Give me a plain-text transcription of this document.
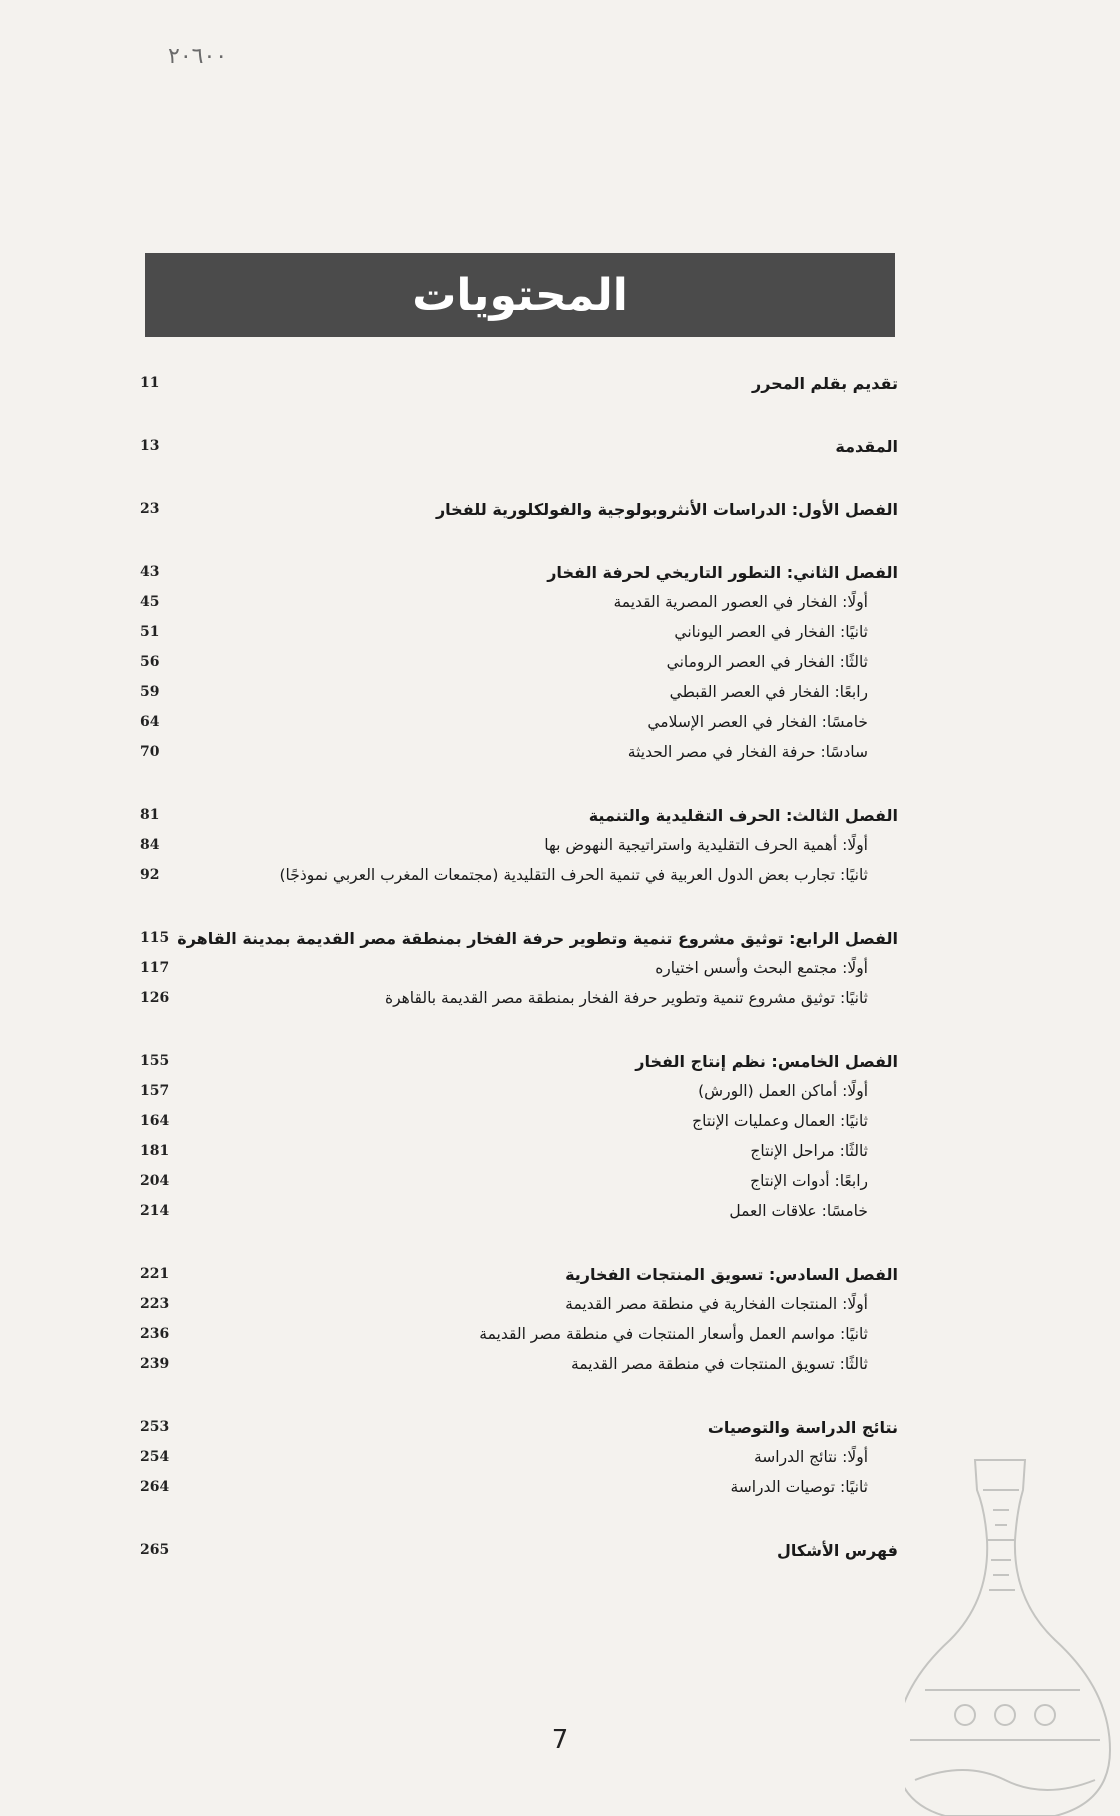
٢٠٦٠٠
المحتويات
11	تقديم بقلم المحرر
13	المقدمة
23	الفصل الأول: الدراسات الأنثروبولوجية والفولكلورية للفخار
43	الفصل الثاني: التطور التاريخي لحرفة الفخار
45	أولًا: الفخار في العصور المصرية القديمة
51	ثانيًا: الفخار في العصر اليوناني
56	ثالثًا: الفخار في العصر الروماني
59	رابعًا: الفخار في العصر القبطي
64	خامسًا: الفخار في العصر الإسلامي
70	سادسًا: حرفة الفخار في مصر الحديثة
81	الفصل الثالث: الحرف التقليدية والتنمية
84	أولًا: أهمية الحرف التقليدية واستراتيجية النهوض بها
92	ثانيًا: تجارب بعض الدول العربية في تنمية الحرف التقليدية (مجتمعات المغرب العربي نموذجًا)
115 الفصل الرابع: توثيق مشروع تنمية وتطوير حرفة الفخار بمنطقة مصر القديمة بمدينة القاهرة
117	أولًا: مجتمع البحث وأسس اختياره
126	ثانيًا: توثيق مشروع تنمية وتطوير حرفة الفخار بمنطقة مصر القديمة بالقاهرة
155	الفصل الخامس: نظم إنتاج الفخار
157	أولًا: أماكن العمل (الورش)
164	ثانيًا: العمال وعمليات الإنتاج
181	ثالثًا: مراحل الإنتاج
204	رابعًا: أدوات الإنتاج
214	خامسًا: علاقات العمل
221	الفصل السادس: تسويق المنتجات الفخارية
223	أولًا: المنتجات الفخارية في منطقة مصر القديمة
236	ثانيًا: مواسم العمل وأسعار المنتجات في منطقة مصر القديمة
239	ثالثًا: تسويق المنتجات في منطقة مصر القديمة
253	نتائج الدراسة والتوصيات
254	أولًا: نتائج الدراسة
264	ثانيًا: توصيات الدراسة
265	فهرس الأشكال
7
